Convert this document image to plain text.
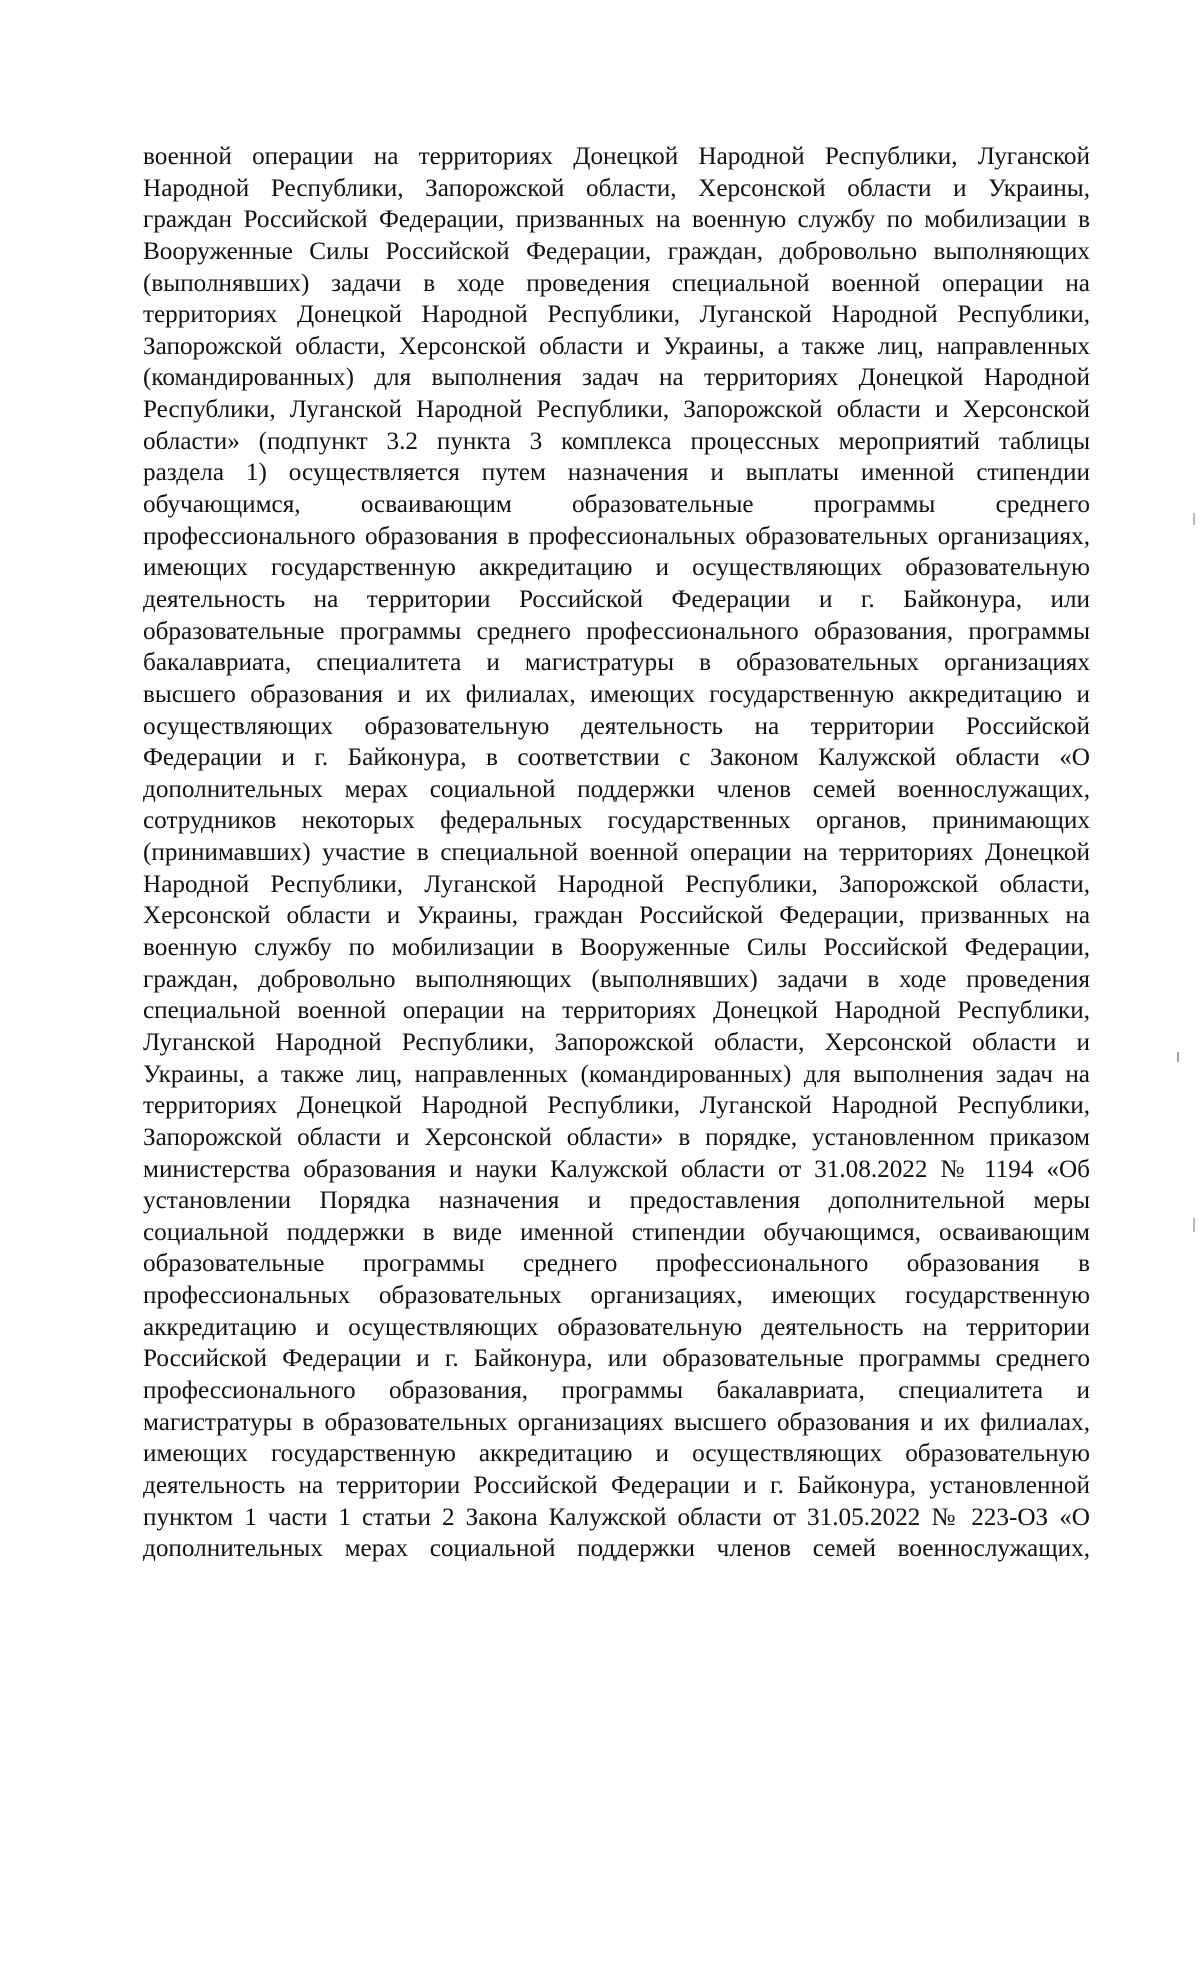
военной операции на территориях Донецкой Народной Республики, Луганской
Народной Республики, Запорожской области, Херсонской области и Украины,
граждан Российской Федерации, призванных на военную службу по мобилизации в
Вооруженные Силы Российской Федерации, граждан, добровольно выполняющих
(выполнявших) задачи в ходе проведения специальной военной операции на
территориях Донецкой Народной Республики, Луганской Народной Республики,
Запорожской области, Херсонской области и Украины, а также лиц, направленных
(командированных) для выполнения задач на территориях Донецкой Народной
Республики, Луганской Народной Республики, Запорожской области и Херсонской
области» (подпункт 3.2 пункта 3 комплекса процессных мероприятий таблицы
раздела 1) осуществляется путем назначения и выплаты именной стипендии
обучающимся, осваивающим образовательные программы среднего
профессионального образования в профессиональных образовательных организациях,
имеющих государственную аккредитацию и осуществляющих образовательную
деятельность на территории Российской Федерации и г. Байконура, или
образовательные программы среднего профессионального образования, программы
бакалавриата, специалитета и магистратуры в образовательных организациях
высшего образования и их филиалах, имеющих государственную аккредитацию и
осуществляющих образовательную деятельность на территории Российской
Федерации и г. Байконура, в соответствии с Законом Калужской области «О
дополнительных мерах социальной поддержки членов семей военнослужащих,
сотрудников некоторых федеральных государственных органов, принимающих
(принимавших) участие в специальной военной операции на территориях Донецкой
Народной Республики, Луганской Народной Республики, Запорожской области,
Херсонской области и Украины, граждан Российской Федерации, призванных на
военную службу по мобилизации в Вооруженные Силы Российской Федерации,
граждан, добровольно выполняющих (выполнявших) задачи в ходе проведения
специальной военной операции на территориях Донецкой Народной Республики,
Луганской Народной Республики, Запорожской области, Херсонской области и
Украины, а также лиц, направленных (командированных) для выполнения задач на
территориях Донецкой Народной Республики, Луганской Народной Республики,
Запорожской области и Херсонской области» в порядке, установленном приказом
министерства образования и науки Калужской области от 31.08.2022 № 1194 «Об
установлении Порядка назначения и предоставления дополнительной меры
социальной поддержки в виде именной стипендии обучающимся, осваивающим
образовательные программы среднего профессионального образования в
профессиональных образовательных организациях, имеющих государственную
аккредитацию и осуществляющих образовательную деятельность на территории
Российской Федерации и г. Байконура, или образовательные программы среднего
профессионального образования, программы бакалавриата, специалитета и
магистратуры в образовательных организациях высшего образования и их филиалах,
имеющих государственную аккредитацию и осуществляющих образовательную
деятельность на территории Российской Федерации и г. Байконура, установленной
пунктом 1 части 1 статьи 2 Закона Калужской области от 31.05.2022 № 223-ОЗ «О
дополнительных мерах социальной поддержки членов семей военнослужащих,
